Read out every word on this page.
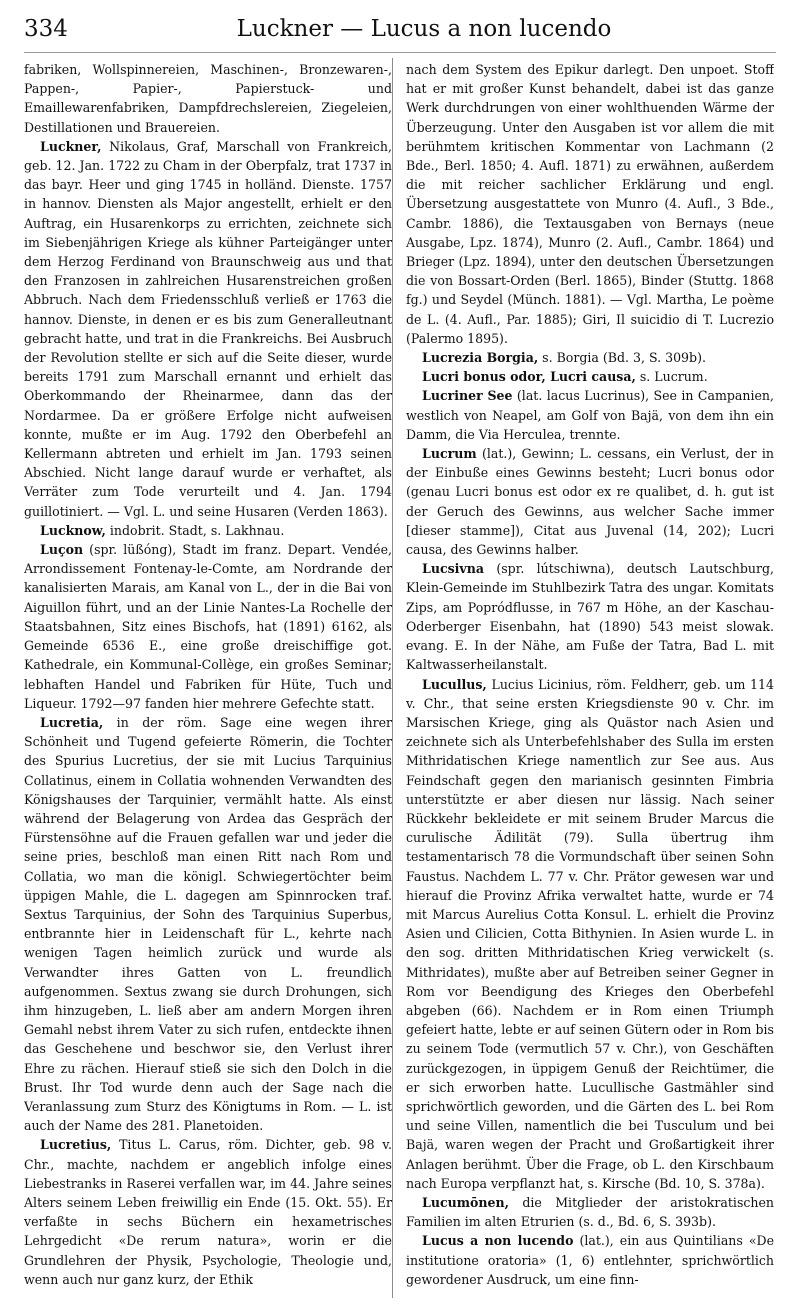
334	Luckner — Lucus a non lucendo

fabriken, Wollspinnereien, Maschinen-, Bronzewaren-, Pappen-, Papier-, Papierstuck- und Emaillewarenfabriken, Dampfdrechslereien, Ziegeleien, Destillationen und Brauereien.

Luckner, Nikolaus, Graf, Marschall von Frankreich, geb. 12. Jan. 1722 zu Cham in der Oberpfalz, trat 1737 in das bayr. Heer und ging 1745 in holländ. Dienste. 1757 in hannov. Diensten als Major angestellt, erhielt er den Auftrag, ein Husarenkorps zu errichten, zeichnete sich im Siebenjährigen Kriege als kühner Parteigänger unter dem Herzog Ferdinand von Braunschweig aus und that den Franzosen in zahlreichen Husarenstreichen großen Abbruch. Nach dem Friedensschluß verließ er 1763 die hannov. Dienste, in denen er es bis zum Generalleutnant gebracht hatte, und trat in die Frankreichs. Bei Ausbruch der Revolution stellte er sich auf die Seite dieser, wurde bereits 1791 zum Marschall ernannt und erhielt das Oberkommando der Rheinarmee, dann das der Nordarmee. Da er größere Erfolge nicht aufweisen konnte, mußte er im Aug. 1792 den Oberbefehl an Kellermann abtreten und erhielt im Jan. 1793 seinen Abschied. Nicht lange darauf wurde er verhaftet, als Verräter zum Tode verurteilt und 4. Jan. 1794 guillotiniert. — Vgl. L. und seine Husaren (Verden 1863).

Lucknow, indobrit. Stadt, s. Lakhnau.

Luçon (spr. lüßóng), Stadt im franz. Depart. Vendée, Arrondissement Fontenay-le-Comte, am Nordrande der kanalisierten Marais, am Kanal von L., der in die Bai von Aiguillon führt, und an der Linie Nantes-La Rochelle der Staatsbahnen, Sitz eines Bischofs, hat (1891) 6162, als Gemeinde 6536 E., eine große dreischiffige got. Kathedrale, ein Kommunal-Collège, ein großes Seminar; lebhaften Handel und Fabriken für Hüte, Tuch und Liqueur. 1792—97 fanden hier mehrere Gefechte statt.

Lucretia, in der röm. Sage eine wegen ihrer Schönheit und Tugend gefeierte Römerin, die Tochter des Spurius Lucretius, der sie mit Lucius Tarquinius Collatinus, einem in Collatia wohnenden Verwandten des Königshauses der Tarquinier, vermählt hatte. Als einst während der Belagerung von Ardea das Gespräch der Fürstensöhne auf die Frauen gefallen war und jeder die seine pries, beschloß man einen Ritt nach Rom und Collatia, wo man die königl. Schwiegertöchter beim üppigen Mahle, die L. dagegen am Spinnrocken traf. Sextus Tarquinius, der Sohn des Tarquinius Superbus, entbrannte hier in Leidenschaft für L., kehrte nach wenigen Tagen heimlich zurück und wurde als Verwandter ihres Gatten von L. freundlich aufgenommen. Sextus zwang sie durch Drohungen, sich ihm hinzugeben, L. ließ aber am andern Morgen ihren Gemahl nebst ihrem Vater zu sich rufen, entdeckte ihnen das Geschehene und beschwor sie, den Verlust ihrer Ehre zu rächen. Hierauf stieß sie sich den Dolch in die Brust. Ihr Tod wurde denn auch der Sage nach die Veranlassung zum Sturz des Königtums in Rom. — L. ist auch der Name des 281. Planetoiden.

Lucretius, Titus L. Carus, röm. Dichter, geb. 98 v. Chr., machte, nachdem er angeblich infolge eines Liebestranks in Raserei verfallen war, im 44. Jahre seines Alters seinem Leben freiwillig ein Ende (15. Okt. 55). Er verfaßte in sechs Büchern ein hexametrisches Lehrgedicht «De rerum natura», worin er die Grundlehren der Physik, Psychologie, Theologie und, wenn auch nur ganz kurz, der Ethik

nach dem System des Epikur darlegt. Den unpoet. Stoff hat er mit großer Kunst behandelt, dabei ist das ganze Werk durchdrungen von einer wohlthuenden Wärme der Überzeugung. Unter den Ausgaben ist vor allem die mit berühmtem kritischen Kommentar von Lachmann (2 Bde., Berl. 1850; 4. Aufl. 1871) zu erwähnen, außerdem die mit reicher sachlicher Erklärung und engl. Übersetzung ausgestattete von Munro (4. Aufl., 3 Bde., Cambr. 1886), die Textausgaben von Bernays (neue Ausgabe, Lpz. 1874), Munro (2. Aufl., Cambr. 1864) und Brieger (Lpz. 1894), unter den deutschen Übersetzungen die von Bossart-Orden (Berl. 1865), Binder (Stuttg. 1868 fg.) und Seydel (Münch. 1881). — Vgl. Martha, Le poème de L. (4. Aufl., Par. 1885); Giri, Il suicidio di T. Lucrezio (Palermo 1895).

Lucrezia Borgia, s. Borgia (Bd. 3, S. 309b).

Lucri bonus odor, Lucri causa, s. Lucrum.

Lucriner See (lat. lacus Lucrinus), See in Campanien, westlich von Neapel, am Golf von Bajä, von dem ihn ein Damm, die Via Herculea, trennte.

Lucrum (lat.), Gewinn; L. cessans, ein Verlust, der in der Einbuße eines Gewinns besteht; Lucri bonus odor (genau Lucri bonus est odor ex re qualibet, d. h. gut ist der Geruch des Gewinns, aus welcher Sache immer [dieser stamme]), Citat aus Juvenal (14, 202); Lucri causa, des Gewinns halber.

Lucsivna (spr. lútschiwna), deutsch Lautschburg, Klein-Gemeinde im Stuhlbezirk Tatra des ungar. Komitats Zips, am Popródflusse, in 767 m Höhe, an der Kaschau-Oderberger Eisenbahn, hat (1890) 543 meist slowak. evang. E. In der Nähe, am Fuße der Tatra, Bad L. mit Kaltwasserheilanstalt.

Lucullus, Lucius Licinius, röm. Feldherr, geb. um 114 v. Chr., that seine ersten Kriegsdienste 90 v. Chr. im Marsischen Kriege, ging als Quästor nach Asien und zeichnete sich als Unterbefehlshaber des Sulla im ersten Mithridatischen Kriege namentlich zur See aus. Aus Feindschaft gegen den marianisch gesinnten Fimbria unterstützte er aber diesen nur lässig. Nach seiner Rückkehr bekleidete er mit seinem Bruder Marcus die curulische Ädilität (79). Sulla übertrug ihm testamentarisch 78 die Vormundschaft über seinen Sohn Faustus. Nachdem L. 77 v. Chr. Prätor gewesen war und hierauf die Provinz Afrika verwaltet hatte, wurde er 74 mit Marcus Aurelius Cotta Konsul. L. erhielt die Provinz Asien und Cilicien, Cotta Bithynien. In Asien wurde L. in den sog. dritten Mithridatischen Krieg verwickelt (s. Mithridates), mußte aber auf Betreiben seiner Gegner in Rom vor Beendigung des Krieges den Oberbefehl abgeben (66). Nachdem er in Rom einen Triumph gefeiert hatte, lebte er auf seinen Gütern oder in Rom bis zu seinem Tode (vermutlich 57 v. Chr.), von Geschäften zurückgezogen, in üppigem Genuß der Reichtümer, die er sich erworben hatte. Lucullische Gastmähler sind sprichwörtlich geworden, und die Gärten des L. bei Rom und seine Villen, namentlich die bei Tusculum und bei Bajä, waren wegen der Pracht und Großartigkeit ihrer Anlagen berühmt. Über die Frage, ob L. den Kirschbaum nach Europa verpflanzt hat, s. Kirsche (Bd. 10, S. 378a).

Lucumōnen, die Mitglieder der aristokratischen Familien im alten Etrurien (s. d., Bd. 6, S. 393b).

Lucus a non lucendo (lat.), ein aus Quintilians «De institutione oratoria» (1, 6) entlehnter, sprichwörtlich gewordener Ausdruck, um eine finn-
